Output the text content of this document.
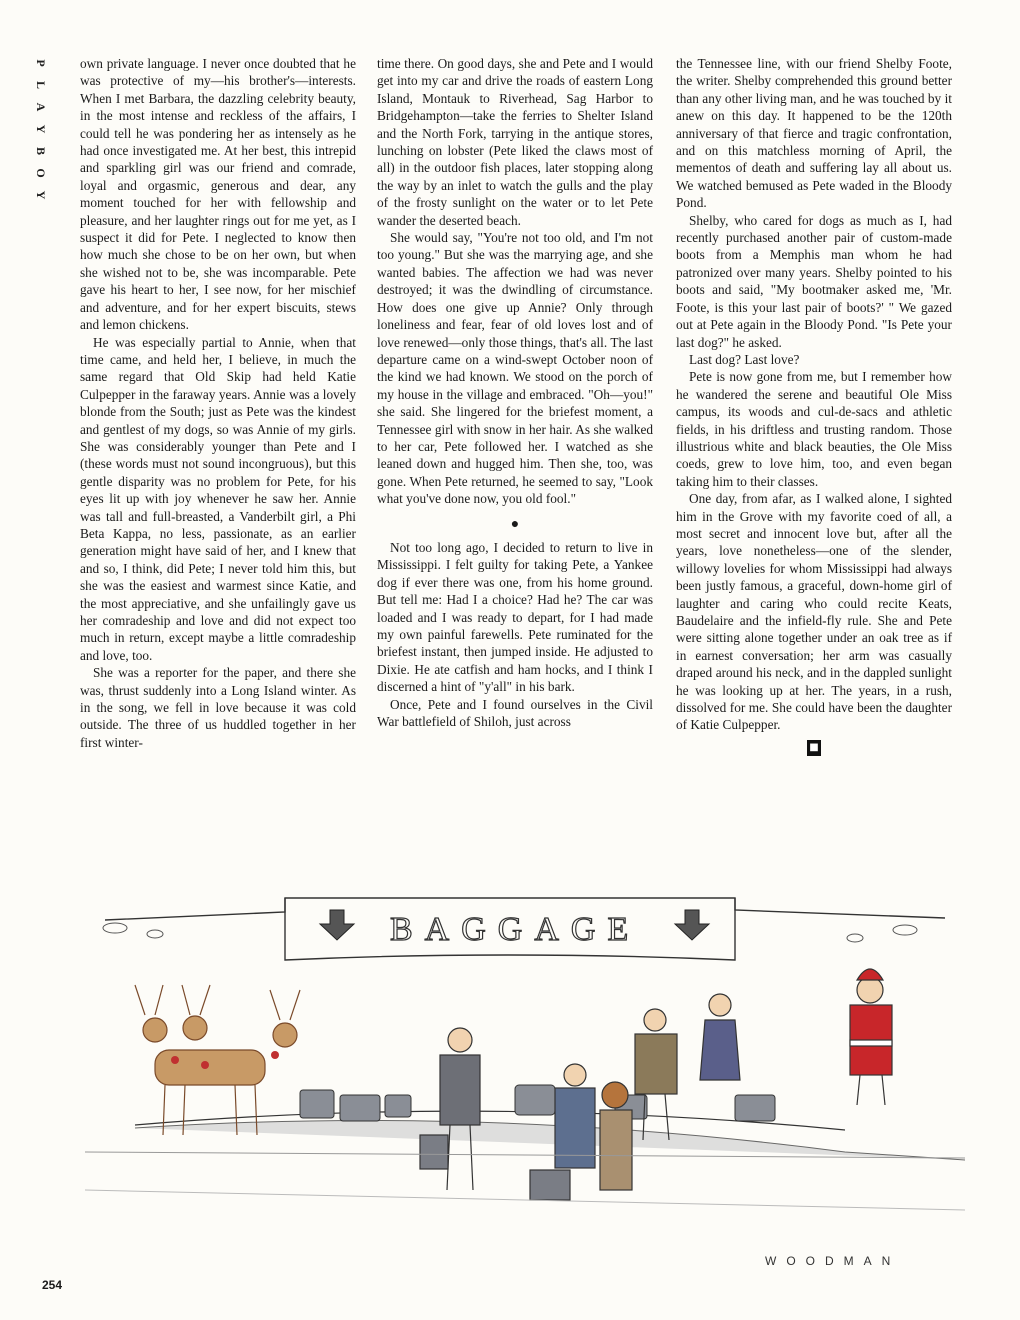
P
L
A
Y
B
O
Y

own private language. I never once doubted that he was protective of my—his brother's—interests. When I met Barbara, the dazzling celebrity beauty, in the most intense and reckless of the affairs, I could tell he was pondering her as intensely as he had once investigated me. At her best, this intrepid and sparkling girl was our friend and comrade, loyal and orgasmic, generous and dear, any moment touched for her with fellowship and pleasure, and her laughter rings out for me yet, as I suspect it did for Pete. I neglected to know then how much she chose to be on her own, but when she wished not to be, she was incomparable. Pete gave his heart to her, I see now, for her mischief and adventure, and for her expert biscuits, stews and lemon chickens.

He was especially partial to Annie, when that time came, and held her, I believe, in much the same regard that Old Skip had held Katie Culpepper in the faraway years. Annie was a lovely blonde from the South; just as Pete was the kindest and gentlest of my dogs, so was Annie of my girls. She was considerably younger than Pete and I (these words must not sound incongruous), but this gentle disparity was no problem for Pete, for his eyes lit up with joy whenever he saw her. Annie was tall and full-breasted, a Vanderbilt girl, a Phi Beta Kappa, no less, passionate, as an earlier generation might have said of her, and I knew that and so, I think, did Pete; I never told him this, but she was the easiest and warmest since Katie, and the most appreciative, and she unfailingly gave us her comradeship and love and did not expect too much in return, except maybe a little comradeship and love, too.

She was a reporter for the paper, and there she was, thrust suddenly into a Long Island winter. As in the song, we fell in love because it was cold outside. The three of us huddled together in her first winter-

time there. On good days, she and Pete and I would get into my car and drive the roads of eastern Long Island, Montauk to Riverhead, Sag Harbor to Bridgehampton—take the ferries to Shelter Island and the North Fork, tarrying in the antique stores, lunching on lobster (Pete liked the claws most of all) in the outdoor fish places, later stopping along the way by an inlet to watch the gulls and the play of the frosty sunlight on the water or to let Pete wander the deserted beach.

She would say, "You're not too old, and I'm not too young." But she was the marrying age, and she wanted babies. The affection we had was never destroyed; it was the dwindling of circumstance. How does one give up Annie? Only through loneliness and fear, fear of old loves lost and of love renewed—only those things, that's all. The last departure came on a wind-swept October noon of the kind we had known. We stood on the porch of my house in the village and embraced. "Oh—you!" she said. She lingered for the briefest moment, a Tennessee girl with snow in her hair. As she walked to her car, Pete followed her. I watched as she leaned down and hugged him. Then she, too, was gone. When Pete returned, he seemed to say, "Look what you've done now, you old fool."

●

Not too long ago, I decided to return to live in Mississippi. I felt guilty for taking Pete, a Yankee dog if ever there was one, from his home ground. But tell me: Had I a choice? Had he? The car was loaded and I was ready to depart, for I had made my own painful farewells. Pete ruminated for the briefest instant, then jumped inside. He adjusted to Dixie. He ate catfish and ham hocks, and I think I discerned a hint of "y'all" in his bark.

Once, Pete and I found ourselves in the Civil War battlefield of Shiloh, just across

the Tennessee line, with our friend Shelby Foote, the writer. Shelby comprehended this ground better than any other living man, and he was touched by it anew on this day. It happened to be the 120th anniversary of that fierce and tragic confrontation, and on this matchless morning of April, the mementos of death and suffering lay all about us. We watched bemused as Pete waded in the Bloody Pond.

Shelby, who cared for dogs as much as I, had recently purchased another pair of custom-made boots from a Memphis man whom he had patronized over many years. Shelby pointed to his boots and said, "My bootmaker asked me, 'Mr. Foote, is this your last pair of boots?' " We gazed out at Pete again in the Bloody Pond. "Is Pete your last dog?" he asked.

Last dog? Last love?

Pete is now gone from me, but I remember how he wandered the serene and beautiful Ole Miss campus, its woods and cul-de-sacs and athletic fields, in his driftless and trusting random. Those illustrious white and black beauties, the Ole Miss coeds, grew to love him, too, and even began taking him to their classes.

One day, from afar, as I walked alone, I sighted him in the Grove with my favorite coed of all, a most secret and innocent love but, after all the years, love nonetheless—one of the slender, willowy lovelies for whom Mississippi had always been justly famous, a graceful, down-home girl of laughter and caring who could recite Keats, Baudelaire and the infield-fly rule. She and Pete were sitting alone together under an oak tree as if in earnest conversation; her arm was casually draped around his neck, and in the dappled sunlight he was looking up at her. The years, in a rush, dissolved for me. She could have been the daughter of Katie Culpepper.

■
BAGGAGE
WOODMAN
254
